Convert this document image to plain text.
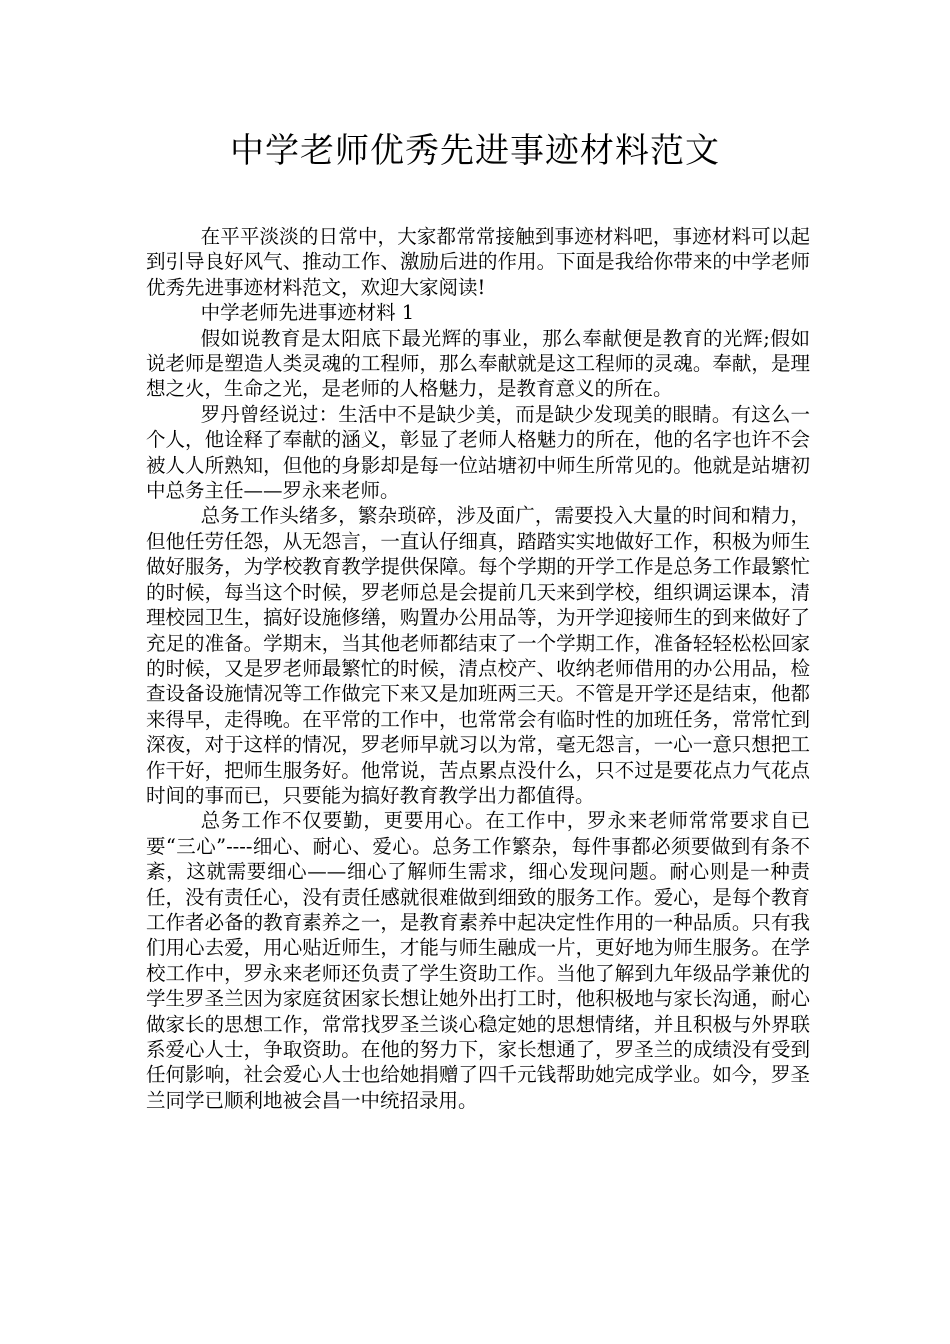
中学老师优秀先进事迹材料范文

在平平淡淡的日常中，大家都常常接触到事迹材料吧，事迹材料可以起到引导良好风气、推动工作、激励后进的作用。下面是我给你带来的中学老师优秀先进事迹材料范文，欢迎大家阅读!

中学老师先进事迹材料 1

假如说教育是太阳底下最光辉的事业，那么奉献便是教育的光辉;假如说老师是塑造人类灵魂的工程师，那么奉献就是这工程师的灵魂。奉献，是理想之火，生命之光，是老师的人格魅力，是教育意义的所在。

罗丹曾经说过：生活中不是缺少美，而是缺少发现美的眼睛。有这么一个人，他诠释了奉献的涵义，彰显了老师人格魅力的所在，他的名字也许不会被人人所熟知，但他的身影却是每一位站塘初中师生所常见的。他就是站塘初中总务主任——罗永来老师。

总务工作头绪多，繁杂琐碎，涉及面广，需要投入大量的时间和精力，但他任劳任怨，从无怨言，一直认仔细真，踏踏实实地做好工作，积极为师生做好服务，为学校教育教学提供保障。每个学期的开学工作是总务工作最繁忙的时候，每当这个时候，罗老师总是会提前几天来到学校，组织调运课本，清理校园卫生，搞好设施修缮，购置办公用品等，为开学迎接师生的到来做好了充足的准备。学期末，当其他老师都结束了一个学期工作，准备轻轻松松回家的时候，又是罗老师最繁忙的时候，清点校产、收纳老师借用的办公用品，检查设备设施情况等工作做完下来又是加班两三天。不管是开学还是结束，他都来得早，走得晚。在平常的工作中，也常常会有临时性的加班任务，常常忙到深夜，对于这样的情况，罗老师早就习以为常，毫无怨言，一心一意只想把工作干好，把师生服务好。他常说，苦点累点没什么，只不过是要花点力气花点时间的事而已，只要能为搞好教育教学出力都值得。

总务工作不仅要勤，更要用心。在工作中，罗永来老师常常要求自已要“三心”----细心、耐心、爱心。总务工作繁杂，每件事都必须要做到有条不紊，这就需要细心——细心了解师生需求，细心发现问题。耐心则是一种责任，没有责任心，没有责任感就很难做到细致的服务工作。爱心，是每个教育工作者必备的教育素养之一，是教育素养中起决定性作用的一种品质。只有我们用心去爱，用心贴近师生，才能与师生融成一片，更好地为师生服务。在学校工作中，罗永来老师还负责了学生资助工作。当他了解到九年级品学兼优的学生罗圣兰因为家庭贫困家长想让她外出打工时，他积极地与家长沟通，耐心做家长的思想工作，常常找罗圣兰谈心稳定她的思想情绪，并且积极与外界联系爱心人士，争取资助。在他的努力下，家长想通了，罗圣兰的成绩没有受到任何影响，社会爱心人士也给她捐赠了四千元钱帮助她完成学业。如今，罗圣兰同学已顺利地被会昌一中统招录用。
